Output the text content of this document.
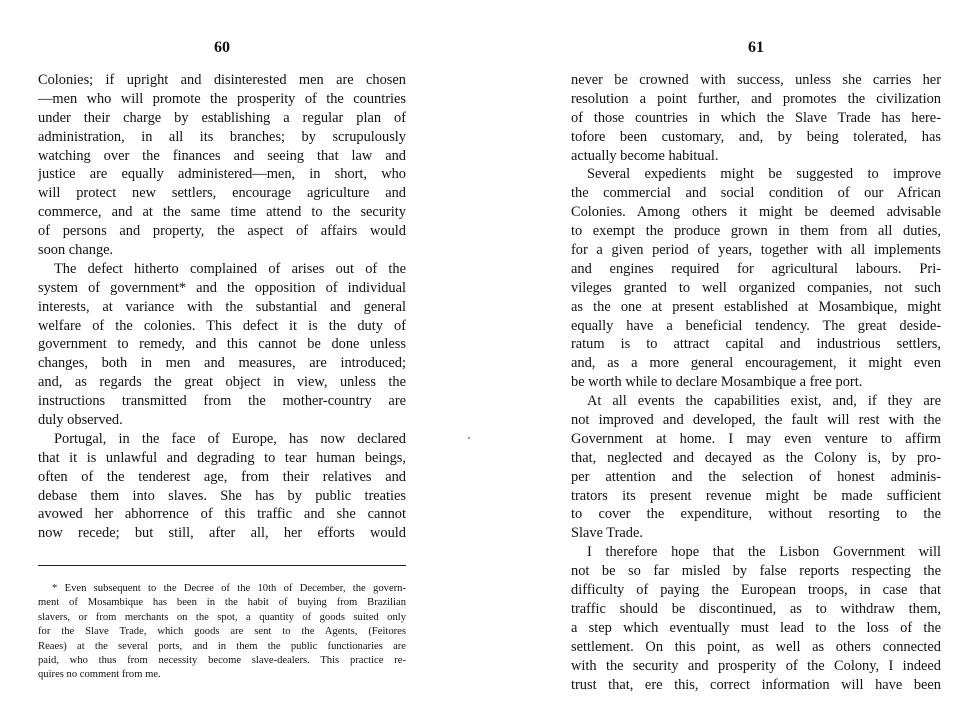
60
Colonies; if upright and disinterested men are chosen
—men who will promote the prosperity of the countries
under their charge by establishing a regular plan of
administration, in all its branches; by scrupulously
watching over the finances and seeing that law and
justice are equally administered—men, in short, who
will protect new settlers, encourage agriculture and
commerce, and at the same time attend to the security
of persons and property, the aspect of affairs would
soon change.
The defect hitherto complained of arises out of the
system of government* and the opposition of individual
interests, at variance with the substantial and general
welfare of the colonies. This defect it is the duty of
government to remedy, and this cannot be done unless
changes, both in men and measures, are introduced;
and, as regards the great object in view, unless the
instructions transmitted from the mother-country are
duly observed.
Portugal, in the face of Europe, has now declared
that it is unlawful and degrading to tear human beings,
often of the tenderest age, from their relatives and
debase them into slaves. She has by public treaties
avowed her abhorrence of this traffic and she cannot
now recede; but still, after all, her efforts would
* Even subsequent to the Decree of the 10th of December, the govern-
ment of Mosambique has been in the habit of buying from Brazilian
slavers, or from merchants on the spot, a quantity of goods suited only
for the Slave Trade, which goods are sent to the Agents, (Feitores
Reaes) at the several ports, and in them the public functionaries are
paid, who thus from necessity become slave-dealers. This practice re-
quires no comment from me.
61
never be crowned with success, unless she carries her
resolution a point further, and promotes the civilization
of those countries in which the Slave Trade has here-
tofore been customary, and, by being tolerated, has
actually become habitual.
Several expedients might be suggested to improve
the commercial and social condition of our African
Colonies. Among others it might be deemed advisable
to exempt the produce grown in them from all duties,
for a given period of years, together with all implements
and engines required for agricultural labours. Pri-
vileges granted to well organized companies, not such
as the one at present established at Mosambique, might
equally have a beneficial tendency. The great deside-
ratum is to attract capital and industrious settlers,
and, as a more general encouragement, it might even
be worth while to declare Mosambique a free port.
At all events the capabilities exist, and, if they are
not improved and developed, the fault will rest with the
Government at home. I may even venture to affirm
that, neglected and decayed as the Colony is, by pro-
per attention and the selection of honest adminis-
trators its present revenue might be made sufficient
to cover the expenditure, without resorting to the
Slave Trade.
I therefore hope that the Lisbon Government will
not be so far misled by false reports respecting the
difficulty of paying the European troops, in case that
traffic should be discontinued, as to withdraw them,
a step which eventually must lead to the loss of the
settlement. On this point, as well as others connected
with the security and prosperity of the Colony, I indeed
trust that, ere this, correct information will have been
